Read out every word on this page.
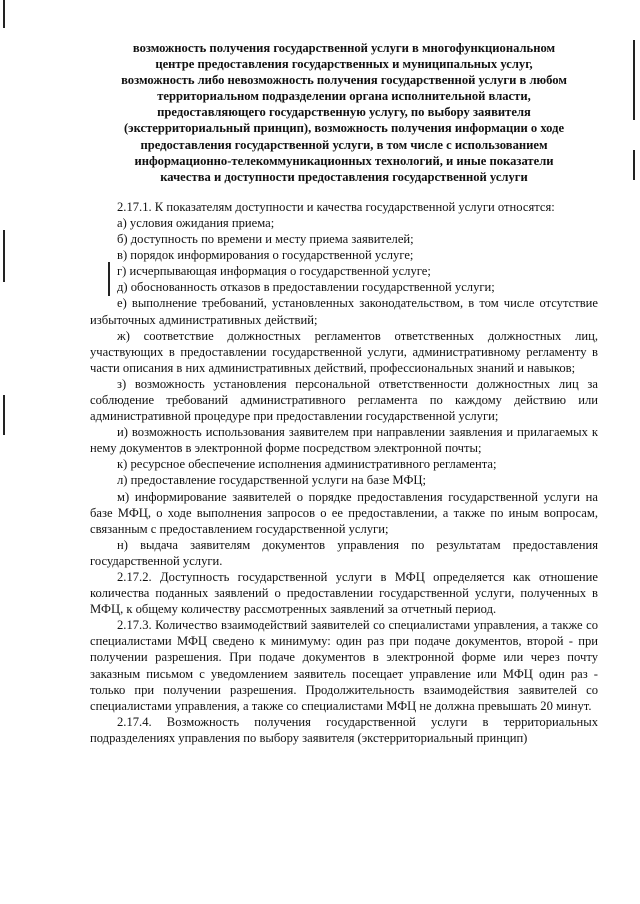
возможность получения государственной услуги в многофункциональном
центре предоставления государственных и муниципальных услуг,
возможность либо невозможность получения государственной услуги в любом
территориальном подразделении органа исполнительной власти,
предоставляющего государственную услугу, по выбору заявителя
(экстерриториальный принцип), возможность получения информации о ходе
предоставления государственной услуги, в том числе с использованием
информационно-телекоммуникационных технологий, и иные показатели
качества и доступности предоставления государственной услуги

2.17.1. К показателям доступности и качества государственной услуги относятся:

а) условия ожидания приема;

б) доступность по времени и месту приема заявителей;

в) порядок информирования о государственной услуге;

г) исчерпывающая информация о государственной услуге;

д) обоснованность отказов в предоставлении государственной услуги;

е) выполнение требований, установленных законодательством, в том числе отсутствие избыточных административных действий;

ж) соответствие должностных регламентов ответственных должностных лиц, участвующих в предоставлении государственной услуги, административному регламенту в части описания в них административных действий, профессиональных знаний и навыков;

з) возможность установления персональной ответственности должностных лиц за соблюдение требований административного регламента по каждому действию или административной процедуре при предоставлении государственной услуги;

и) возможность использования заявителем при направлении заявления и прилагаемых к нему документов в электронной форме посредством электронной почты;

к) ресурсное обеспечение исполнения административного регламента;

л) предоставление государственной услуги на базе МФЦ;

м) информирование заявителей о порядке предоставления государственной услуги на базе МФЦ, о ходе выполнения запросов о ее предоставлении, а также по иным вопросам, связанным с предоставлением государственной услуги;

н) выдача заявителям документов управления по результатам предоставления государственной услуги.

2.17.2. Доступность государственной услуги в МФЦ определяется как отношение количества поданных заявлений о предоставлении государственной услуги, полученных в МФЦ, к общему количеству рассмотренных заявлений за отчетный период.

2.17.3. Количество взаимодействий заявителей со специалистами управления, а также со специалистами МФЦ сведено к минимуму: один раз при подаче документов, второй - при получении разрешения. При подаче документов в электронной форме или через почту заказным письмом с уведомлением заявитель посещает управление или МФЦ один раз - только при получении разрешения. Продолжительность взаимодействия заявителей со специалистами управления, а также со специалистами МФЦ не должна превышать 20 минут.

2.17.4. Возможность получения государственной услуги в территориальных подразделениях управления по выбору заявителя (экстерриториальный принцип)
